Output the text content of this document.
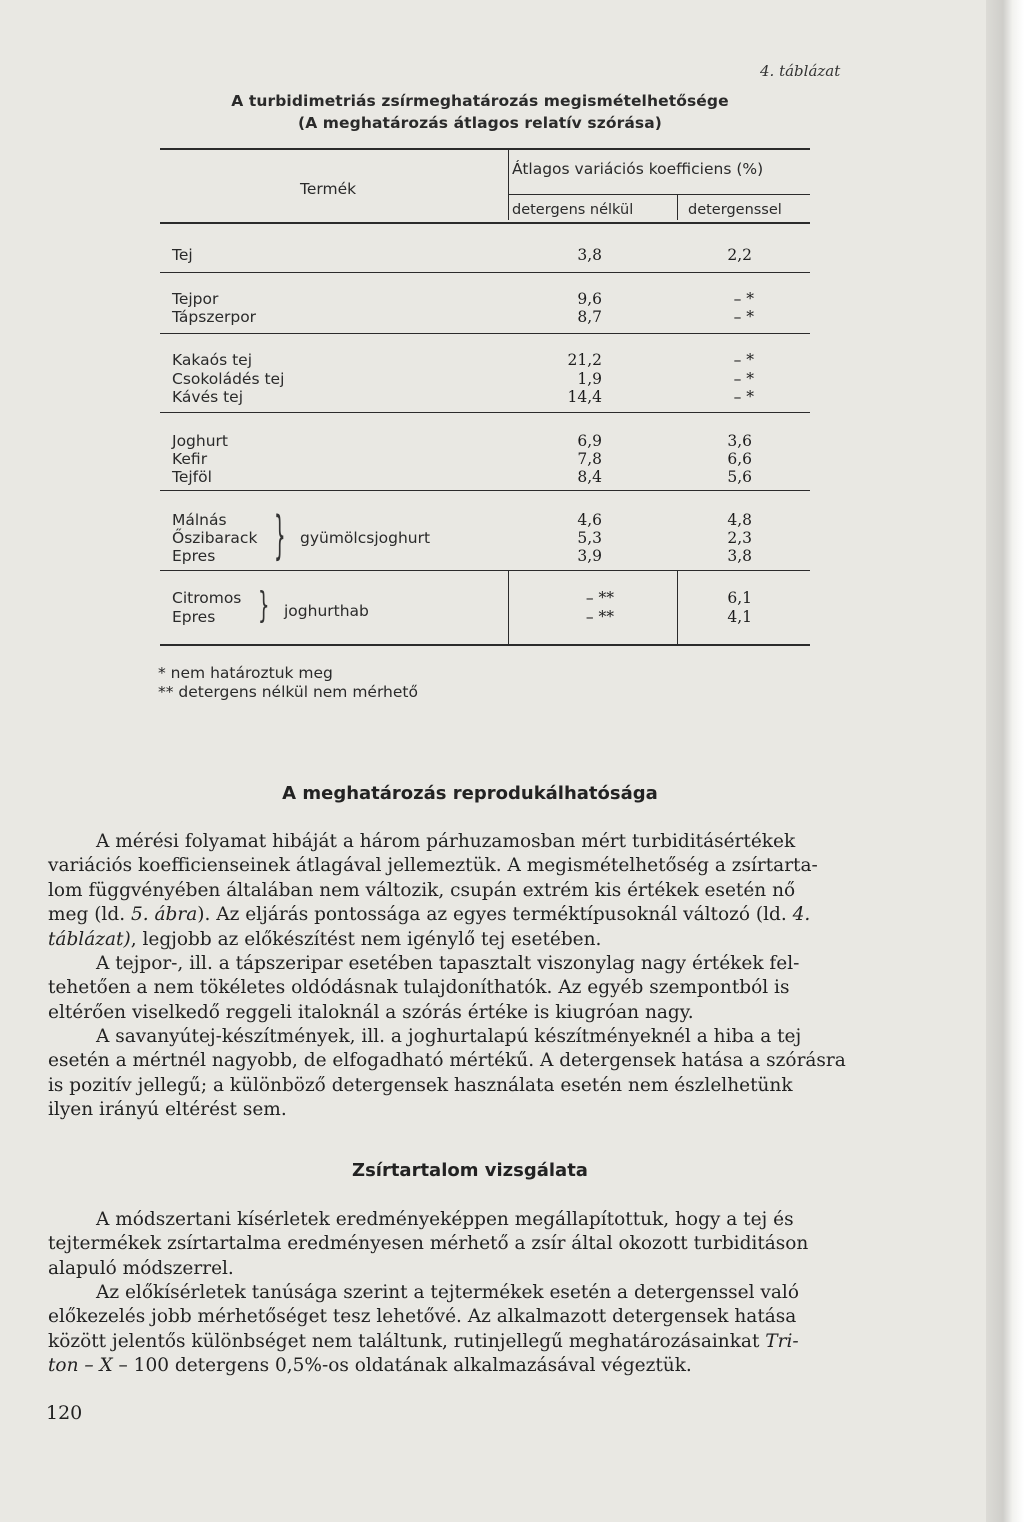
4. táblázat
A turbidimetriás zsírmeghatározás megismételhetősége
(A meghatározás átlagos relatív szórása)
Termék
Átlagos variációs koefficiens (%)
detergens nélkül	detergenssel
Tej
Tejpor
Tápszerpor
Kakaós tej
Csokoládés tej
Kávés tej
Joghurt
Kefir
Tejföl
Málnás
Őszibarack
Epres
Citromos
Epres
} gyümölcsjoghurt
} joghurthab
3,8
9,6
8,7
21,2
1,9
14,4
6,9
7,8
8,4
4,6
5,3
3,9
– **
– **
2,2
– *
– *
– *
– *
– *
3,6
6,6
5,6
4,8
2,3
3,8
6,1
4,1
* nem határoztuk meg
** detergens nélkül nem mérhető
A meghatározás reprodukálhatósága
A mérési folyamat hibáját a három párhuzamosban mért turbiditásértékek
variációs koefficienseinek átlagával jellemeztük. A megismételhetőség a zsírtarta-
lom függvényében általában nem változik, csupán extrém kis értékek esetén nő
meg (ld. 5. ábra). Az eljárás pontossága az egyes terméktípusoknál változó (ld. 4.
táblázat), legjobb az előkészítést nem igénylő tej esetében.
A tejpor-, ill. a tápszeripar esetében tapasztalt viszonylag nagy értékek fel-
tehetően a nem tökéletes oldódásnak tulajdoníthatók. Az egyéb szempontból is
eltérően viselkedő reggeli italoknál a szórás értéke is kiugróan nagy.
A savanyútej-készítmények, ill. a joghurtalapú készítményeknél a hiba a tej
esetén a mértnél nagyobb, de elfogadható mértékű. A detergensek hatása a szórásra
is pozitív jellegű; a különböző detergensek használata esetén nem észlelhetünk
ilyen irányú eltérést sem.
Zsírtartalom vizsgálata
A módszertani kísérletek eredményeképpen megállapítottuk, hogy a tej és
tejtermékek zsírtartalma eredményesen mérhető a zsír által okozott turbiditáson
alapuló módszerrel.
Az előkísérletek tanúsága szerint a tejtermékek esetén a detergenssel való
előkezelés jobb mérhetőséget tesz lehetővé. Az alkalmazott detergensek hatása
között jelentős különbséget nem találtunk, rutinjellegű meghatározásainkat Tri-
ton – X – 100 detergens 0,5%-os oldatának alkalmazásával végeztük.
120
